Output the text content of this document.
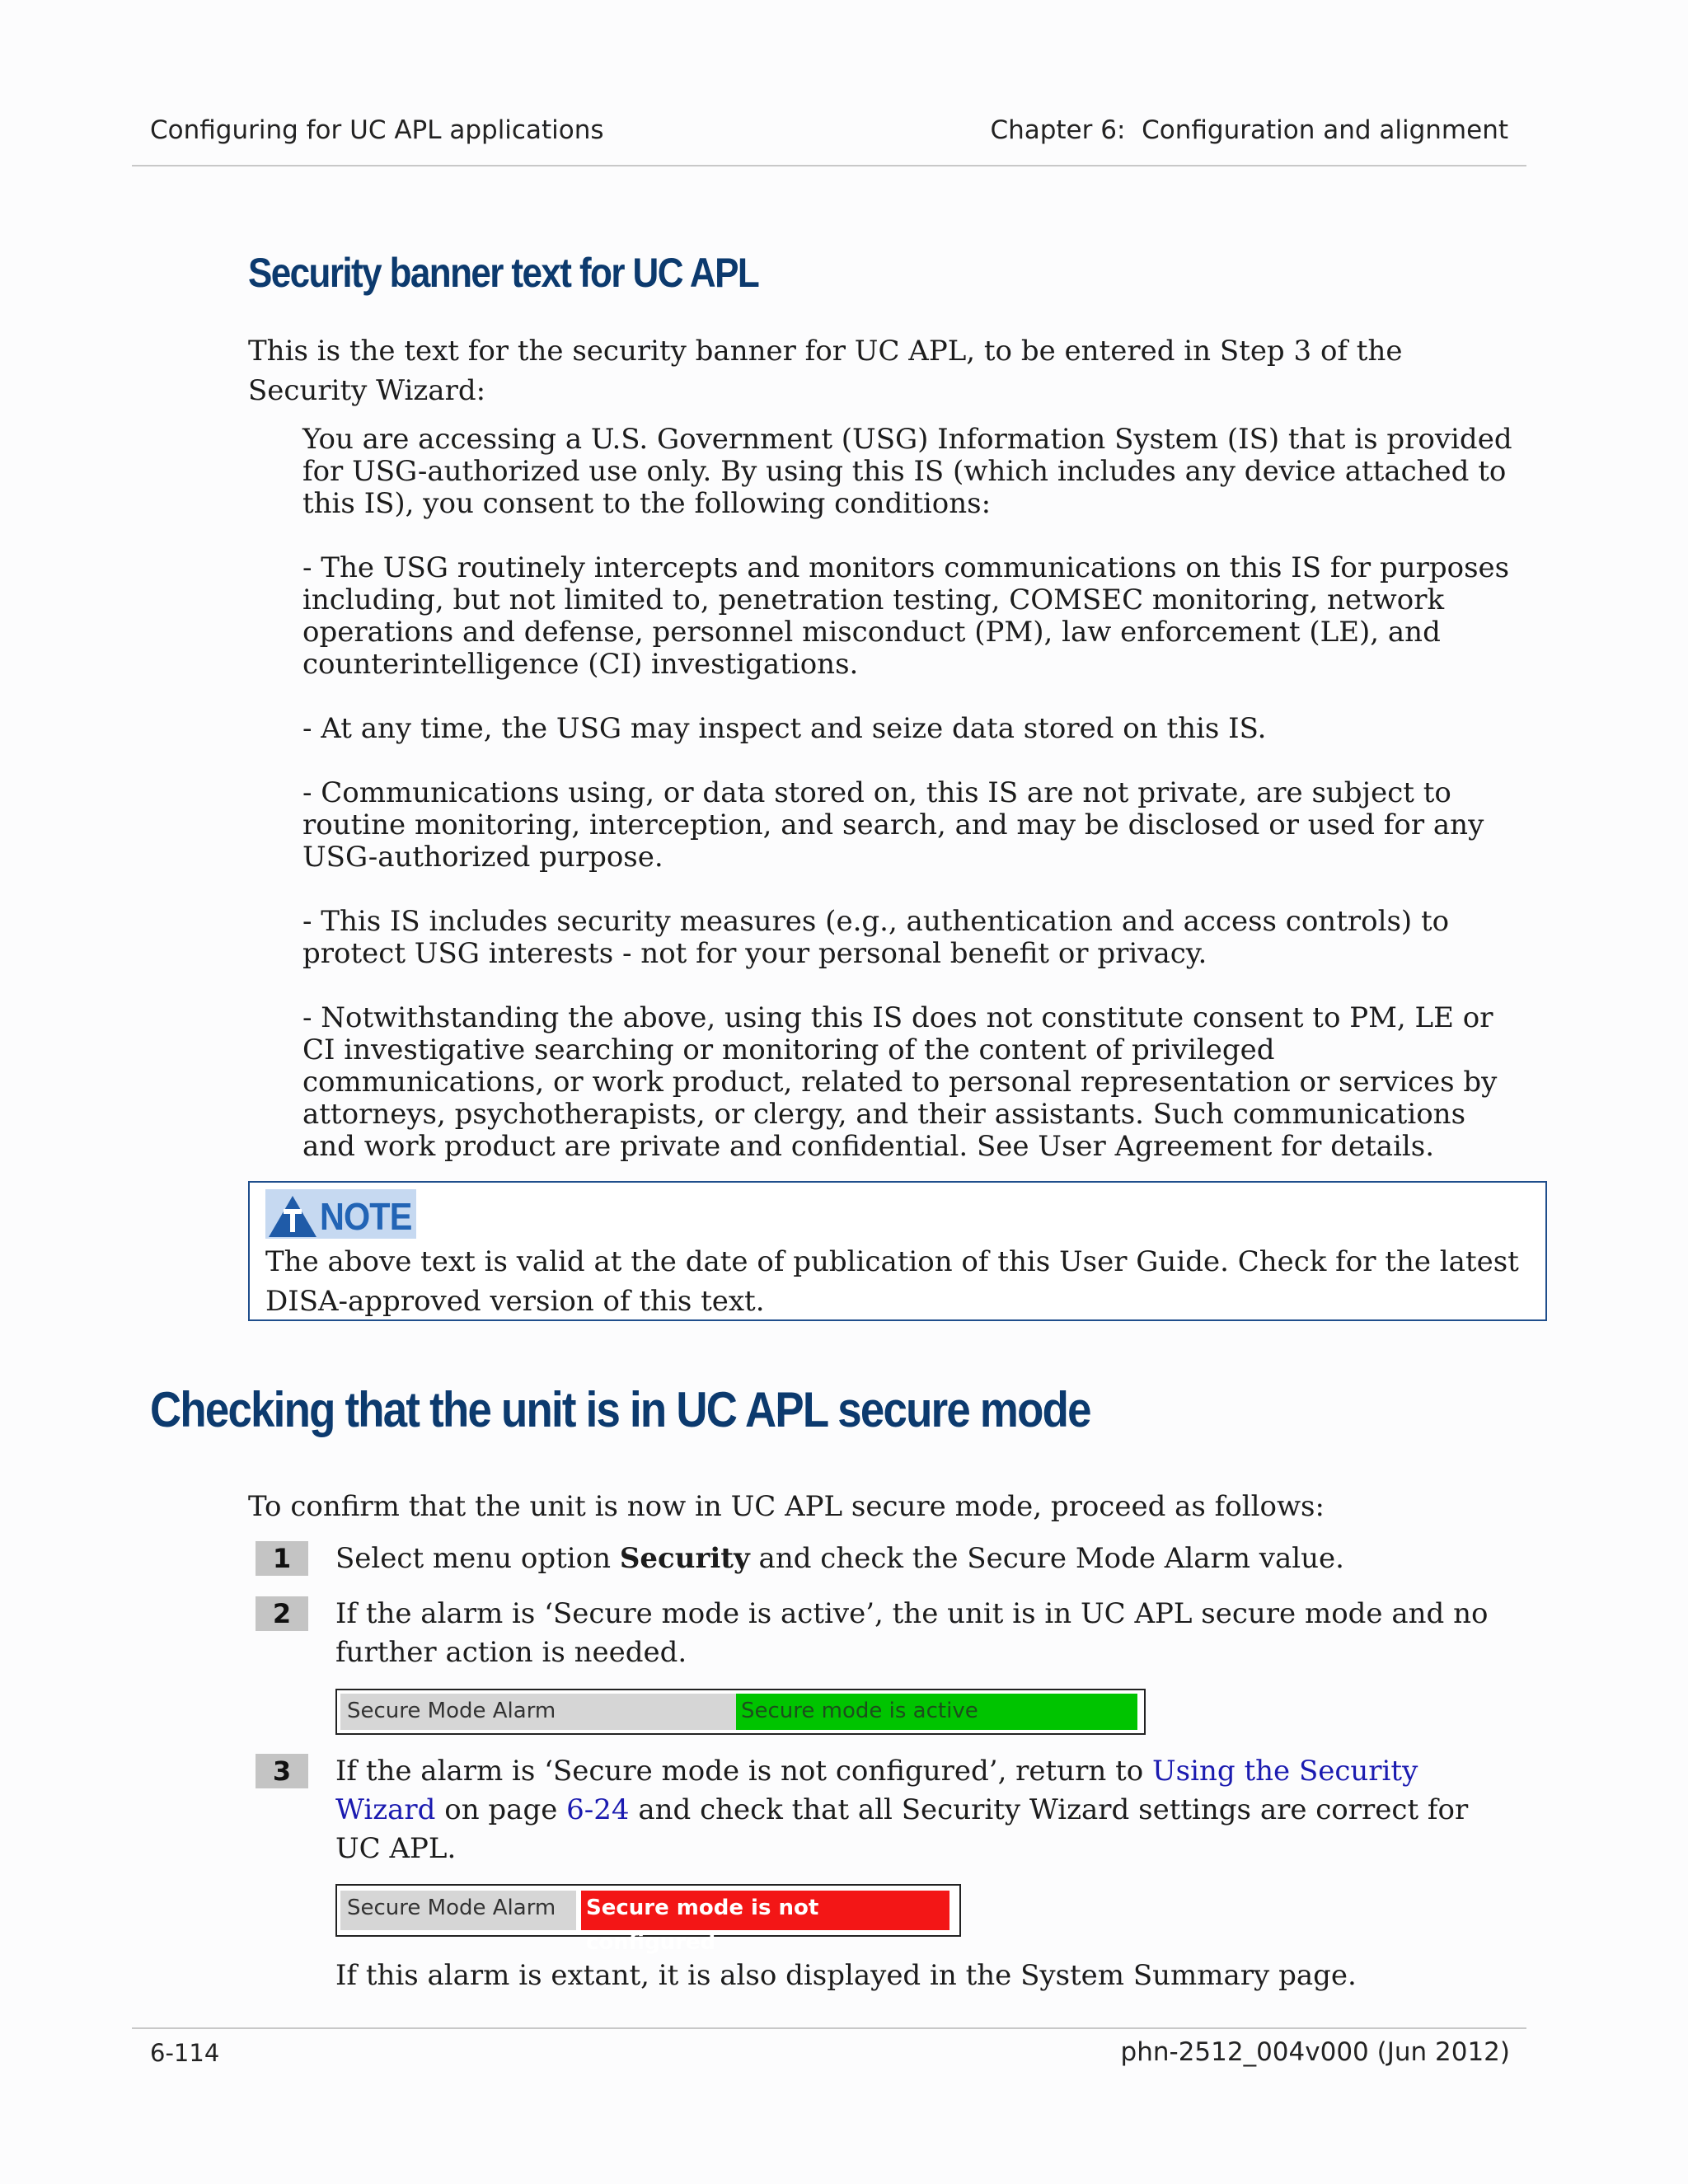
Configuring for UC APL applications	Chapter 6:  Configuration and alignment
Security banner text for UC APL
This is the text for the security banner for UC APL, to be entered in Step 3 of the Security Wizard:

You are accessing a U.S. Government (USG) Information System (IS) that is provided for USG-authorized use only. By using this IS (which includes any device attached to this IS), you consent to the following conditions:

- The USG routinely intercepts and monitors communications on this IS for purposes including, but not limited to, penetration testing, COMSEC monitoring, network operations and defense, personnel misconduct (PM), law enforcement (LE), and counterintelligence (CI) investigations.

- At any time, the USG may inspect and seize data stored on this IS.

- Communications using, or data stored on, this IS are not private, are subject to routine monitoring, interception, and search, and may be disclosed or used for any USG-authorized purpose.

- This IS includes security measures (e.g., authentication and access controls) to protect USG interests - not for your personal benefit or privacy.

- Notwithstanding the above, using this IS does not constitute consent to PM, LE or CI investigative searching or monitoring of the content of privileged communications, or work product, related to personal representation or services by attorneys, psychotherapists, or clergy, and their assistants. Such communications and work product are private and confidential. See User Agreement for details.

NOTE
The above text is valid at the date of publication of this User Guide. Check for the latest DISA-approved version of this text.
Checking that the unit is in UC APL secure mode
To confirm that the unit is now in UC APL secure mode, proceed as follows:
1	Select menu option Security and check the Secure Mode Alarm value.
2	If the alarm is ‘Secure mode is active’, the unit is in UC APL secure mode and no further action is needed.
Secure Mode Alarm	Secure mode is active
3	If the alarm is ‘Secure mode is not configured’, return to Using the Security Wizard on page 6-24 and check that all Security Wizard settings are correct for UC APL.
Secure Mode Alarm	Secure mode is not configured
If this alarm is extant, it is also displayed in the System Summary page.
6-114	phn-2512_004v000 (Jun 2012)
